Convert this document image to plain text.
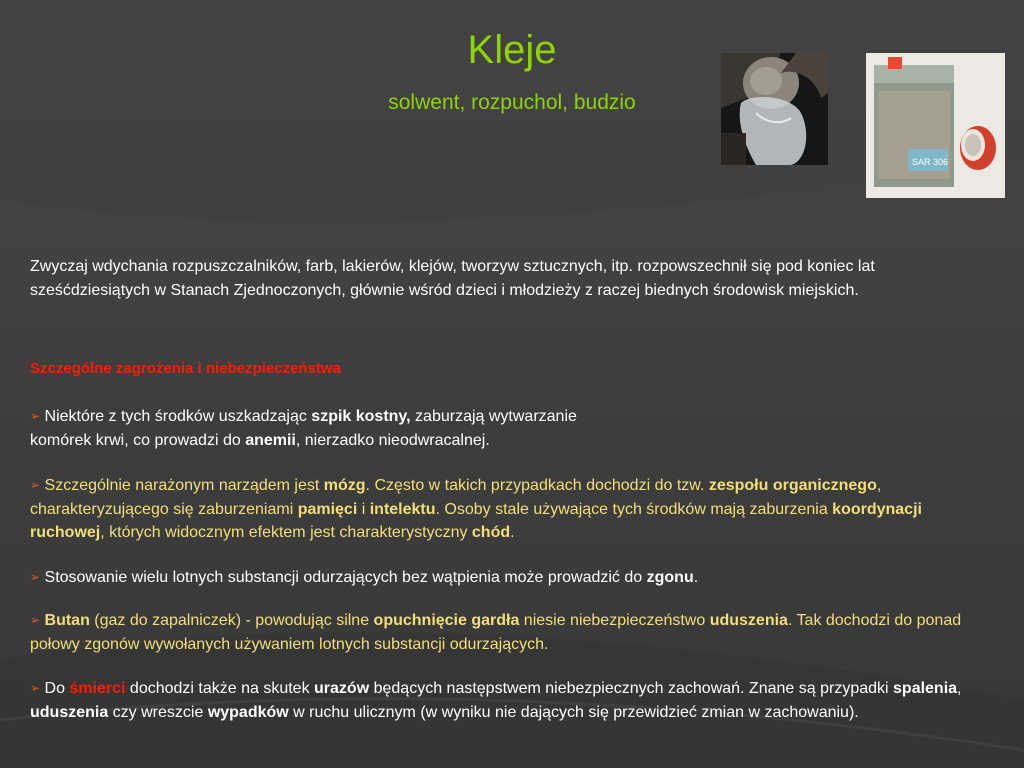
Kleje
solwent, rozpuchol, budzio
SAR 306
Zwyczaj wdychania rozpuszczalników, farb, lakierów, klejów, tworzyw sztucznych, itp. rozpowszechnił się pod koniec lat sześćdziesiątych w Stanach Zjednoczonych, głównie wśród dzieci i młodzieży z raczej biednych środowisk miejskich.
Szczególne zagrożenia i niebezpieczeństwa
➢ Niektóre z tych środków uszkadzając szpik kostny, zaburzają wytwarzanie
komórek krwi, co prowadzi do anemii, nierzadko nieodwracalnej.
➢ Szczególnie narażonym narządem jest mózg. Często w takich przypadkach dochodzi do tzw. zespołu organicznego, charakteryzującego się zaburzeniami pamięci i intelektu. Osoby stale używające tych środków mają zaburzenia koordynacji ruchowej, których widocznym efektem jest charakterystyczny chód.
➢ Stosowanie wielu lotnych substancji odurzających bez wątpienia może prowadzić do zgonu.
➢ Butan (gaz do zapalniczek) - powodując silne opuchnięcie gardła niesie niebezpieczeństwo uduszenia. Tak dochodzi do ponad połowy zgonów wywołanych używaniem lotnych substancji odurzających.
➢ Do śmierci dochodzi także na skutek urazów będących następstwem niebezpiecznych zachowań. Znane są przypadki spalenia, uduszenia czy wreszcie wypadków w ruchu ulicznym (w wyniku nie dających się przewidzieć zmian w zachowaniu).
